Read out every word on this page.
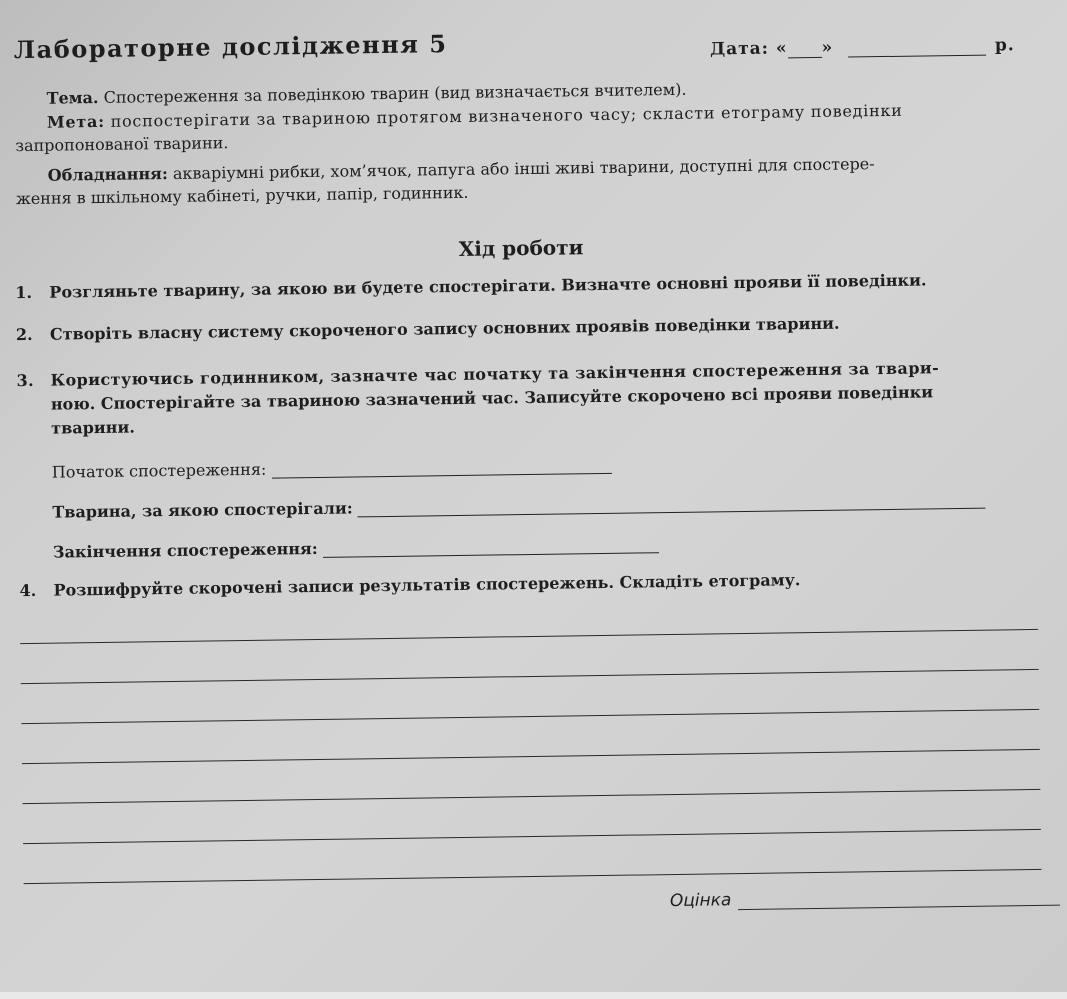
Лабораторне дослідження 5	Дата: « »	р.
Тема. Спостереження за поведінкою тварин (вид визначається вчителем).
Мета: поспостерігати за твариною протягом визначеного часу; скласти етограму поведінки
запропонованої тварини.
Обладнання: акваріумні рибки, хом’ячок, папуга або інші живі тварини, доступні для спостере-
ження в шкільному кабінеті, ручки, папір, годинник.
Хід роботи
1. Розгляньте тварину, за якою ви будете спостерігати. Визначте основні прояви її поведінки.
2. Створіть власну систему скороченого запису основних проявів поведінки тварини.
3. Користуючись годинником, зазначте час початку та закінчення спостереження за твари-
ною. Спостерігайте за твариною зазначений час. Записуйте скорочено всі прояви поведінки
тварини.
Початок спостереження:
Тварина, за якою спостерігали:
Закінчення спостереження:
4. Розшифруйте скорочені записи результатів спостережень. Складіть етограму.
Оцінка
